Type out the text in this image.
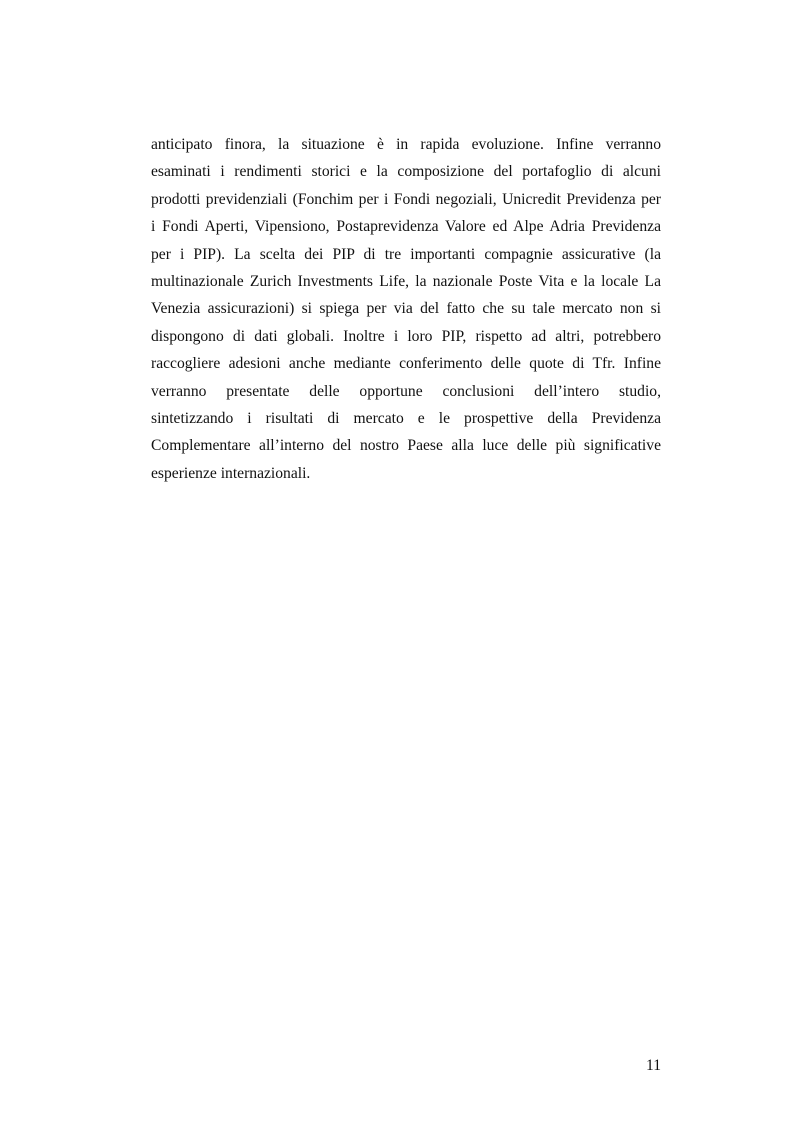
anticipato finora, la situazione è in rapida evoluzione. Infine verranno
esaminati i rendimenti storici e la composizione del portafoglio di alcuni
prodotti previdenziali (Fonchim per i Fondi negoziali, Unicredit Previdenza per
i Fondi Aperti, Vipensiono, Postaprevidenza Valore ed Alpe Adria Previdenza
per i PIP). La scelta dei PIP di tre importanti compagnie assicurative (la
multinazionale Zurich Investments Life, la nazionale Poste Vita e la locale La
Venezia assicurazioni) si spiega per via del fatto che su tale mercato non si
dispongono di dati globali. Inoltre i loro PIP, rispetto ad altri, potrebbero
raccogliere adesioni anche mediante conferimento delle quote di Tfr. Infine
verranno presentate delle opportune conclusioni dell’intero studio,
sintetizzando i risultati di mercato e le prospettive della Previdenza
Complementare all’interno del nostro Paese alla luce delle più significative
esperienze internazionali.

11
